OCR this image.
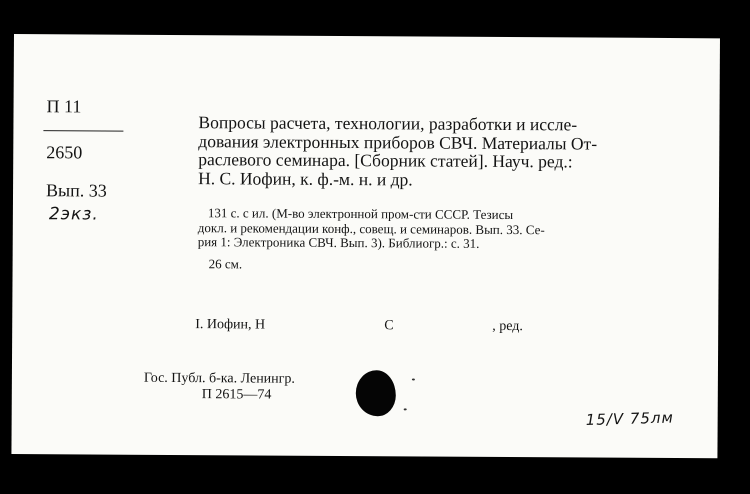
П 11
2650
Вып. 33
2экз.

Вопросы расчета, технологии, разработки и иссле-

дования электронных приборов СВЧ. Материалы От-

раслевого семинара. [Сборник статей]. Науч. ред.:

Н. С. Иофин, к. ф.-м. н. и др.

131 с. с ил. (М-во электронной пром-сти СССР. Тезисы

докл. и рекомендации конф., совещ. и семинаров. Вып. 33. Се-

рия 1: Электроника СВЧ. Вып. 3). Библиогр.: с. 31.

26 см.
I. Иофин, Н	С	, ред.
Гос. Публ. б-ка. Ленингр.
П 2615—74
15/Ⅴ 75лм
